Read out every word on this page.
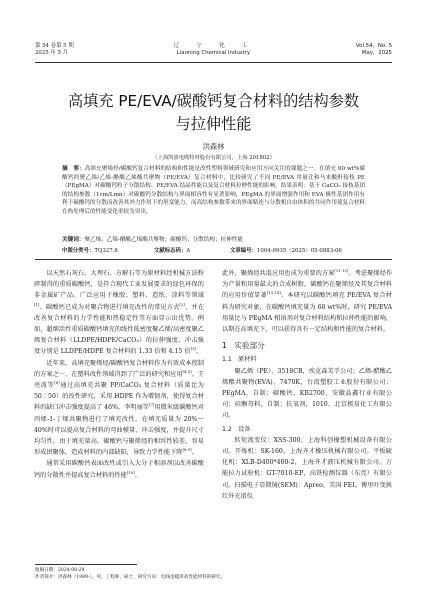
第 54 卷第 5 期
2025 年 5 月
辽　宁　化　工
Liaoning Chemical Industry
Vol.54，No. 5
May，2025
高填充 PE/EVA/碳酸钙复合材料的结构参数
与拉伸性能
洪森林
（上海凯波电缆特材股份有限公司，上海 201802）
摘　要：高填充聚烯烃/碳酸钙复合材料的结构和性能是改性塑料领域研究和应用方向关注的课题之一。在填充 60 wt%碳酸钙的聚乙烯/乙烯-醋酸乙烯酯共聚物（PE/EVA）复合材料中，比较研究了不同 PE/EVA 用量比和马来酸酐接枝 PE（PEgMA）对碳酸钙粒子分散结构、PE/EVA 结晶性能以及复合材料拉伸性能的影响。结果表明：基于 CaCO₃ 接枝基团的结构参数（1cm/Lmn）对碳酸钙分散结构与界面相容性有显著影响，PEgMA 的界面增强作用和 EVA 极性基团作用有利于碳酸钙的分散而改善其外力作用下的形变能力，而高结构参数带来的界面粘连与分散相自由体积的共同作用使复合材料在热处理后的性能变化率较为突出。
关键词：聚乙烯；乙烯-醋酸乙烯酯共聚物；碳酸钙；分散结构；拉伸性能
中图分类号：TQ327.8	文献标志码：A	文章编号：1004-0935（2025）05-0883-06

以天然石灰石、大理石、方解石等为原材料经机械方法粉碎制得的重质碳酸钙，是符合现代工业发展要求的绿色环保的非金属矿产品。广泛应用于橡胶、塑料、造纸、涂料等领域[1]。碳酸钙已成为对聚合物进行填充改性的常见方式[2]，并在改善复合材料的力学性能和热稳定性等方面显示出优势。例如，超细活性重质碳酸钙填充的线性低密度聚乙烯/高密度聚乙烯复合材料（LLDPE/HDPE/CaCO₃）的拉伸强度、冲击强度分别是 LLDPE/HDPE 复合材料的 1.33 倍和 4.15 倍[3]。

近年来，高填充聚烯烃/碳酸钙复合材料作为有效成本控制的方案之一，在塑料改性领域得到了广泛的研究和应用[4-5]。王亮波等[6]通过高填充共聚 PP/CaCO₃ 复合材料（质量比为 50∶50）的改性研究，采用 HDPE 作为增韧剂，使得复合材料的缺口冲击强度提高了 46%，李明丽等[7]用微米级碳酸钙对丙烯-1-丁烯共聚物进行了填充改性，在填充质量为 20%～40%时可以提高复合材料的弯曲模量，冲击强度，并提升尺寸均匀性。由于填充量高，碳酸钙与聚烯烃的相容性较差，容易形成团聚体，造成材料的内部缺陷，导致力学性能下降[8-9]。

通常采用碳酸钙表面改性或引入大分子相溶剂以改善碳酸钙的分散性并提高复合材料的性能[10]。

此外，聚烯烃共混应用也成为重要的方案[11-12]。考虑聚烯烃作为产量和用量最大的合成树脂，碳酸钙在聚烯烃及其复合材料的应用价值显著[13-14]。本研究以碳酸钙填充 PE/EVA 复合材料为研究对象，在碳酸钙填充量为 60 wt%时，研究 PE/EVA 用量比与 PEgMA 相溶剂对复合材料结构和拉伸性能的影响，以期在高填充下，可以获得具有一定结构和性能的复合材料。

1　实验部分
1.1　原材料

聚乙烯（PE），3518CB，埃克森美孚公司；乙烯-醋酸乙烯酯共聚物(EVA)，7470K，台湾塑胶工业股份有限公司；PEgMA，自制；碳酸钙，KB2700，安徽晶鑫行业有限公司；硅酮母料，自制；抗氧剂，1010，北京极易化工有限公司。

1.2　设备

转矩流变仪：XSS-300，上海科创橡塑机械设备有限公司。开炼机：SK-160，上海齐才橡压机械有限公司。平板硫化机：XLB-D400*400-2，上海齐才液压机械有限公司。万能拉力试验机：GT-7010-EP，高铁检测仪器（东莞）有限公司。扫描电子显微镜(SEM)：Apreo，美国 FEI。傅里叶变换红外光谱仪

收稿日期：2024-08-29
作者简介：洪森林（1989-），男，工程师，硕士，研究方向：电线电缆用高性能材料的研究。
